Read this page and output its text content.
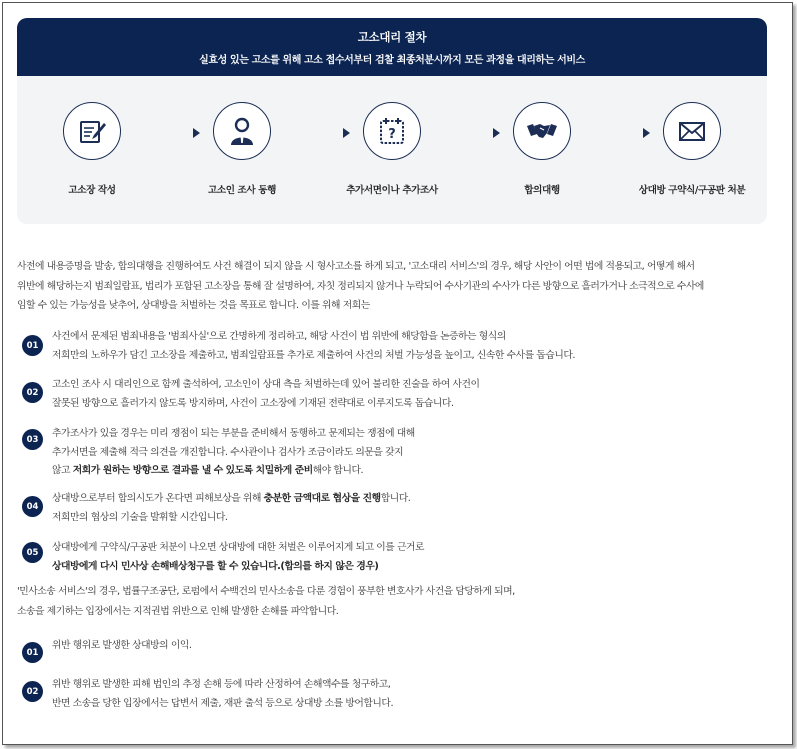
고소대리 절차
실효성 있는 고소를 위해 고소 접수서부터 검찰 최종처분시까지 모든 과정을 대리하는 서비스
고소장 작성	고소인 조사 동행
?
추가서면이나 추가조사	합의대행	상대방 구약식/구공판 처분
사전에 내용증명을 발송, 합의대행을 진행하여도 사건 해결이 되지 않을 시 형사고소를 하게 되고, '고소대리 서비스'의 경우, 해당 사안이 어떤 법에 적용되고, 어떻게 해서
위반에 해당하는지 범죄일람표, 법리가 포함된 고소장을 통해 잘 설명하여, 자칫 정리되지 않거나 누락되어 수사기관의 수사가 다른 방향으로 흘러가거나 소극적으로 수사에
임할 수 있는 가능성을 낮추어, 상대방을 처벌하는 것을 목표로 합니다. 이를 위해 저희는
01
사건에서 문제된 범죄내용을 '범죄사실'으로 간명하게 정리하고, 해당 사건이 법 위반에 해당함을 논증하는 형식의
저희만의 노하우가 담긴 고소장을 제출하고, 범죄일람표를 추가로 제출하여 사건의 처벌 가능성을 높이고, 신속한 수사를 돕습니다.
02
고소인 조사 시 대리인으로 함께 출석하여, 고소인이 상대 측을 처벌하는데 있어 불리한 진술을 하여 사건이
잘못된 방향으로 흘러가지 않도록 방지하며, 사건이 고소장에 기재된 전략대로 이루지도록 돕습니다.
03
추가조사가 있을 경우는 미리 쟁점이 되는 부분을 준비해서 동행하고 문제되는 쟁점에 대해
추가서면을 제출해 적극 의견을 개진합니다. 수사관이나 검사가 조금이라도 의문을 갖지
않고 저희가 원하는 방향으로 결과를 낼 수 있도록 치밀하게 준비해야 합니다.
04
상대방으로부터 합의시도가 온다면 피해보상을 위해 충분한 금액대로 협상을 진행합니다.
저희만의 협상의 기술을 발휘할 시간입니다.
05	상대방에게 구약식/구공판 처분이 나오면 상대방에 대한 처벌은 이루어지게 되고 이를 근거로
상대방에게 다시 민사상 손해배상청구를 할 수 있습니다.(합의를 하지 않은 경우)
'민사소송 서비스'의 경우, 법률구조공단, 로펌에서 수백건의 민사소송을 다룬 경험이 풍부한 변호사가 사건을 담당하게 되며,
소송을 제기하는 입장에서는 지적권법 위반으로 인해 발생한 손해를 파악합니다.
01
위반 행위로 발생한 상대방의 이익.
02
위반 행위로 발생한 피해 법인의 추정 손해 등에 따라 산정하여 손해액수를 청구하고,
반면 소송을 당한 입장에서는 답변서 제출, 재판 출석 등으로 상대방 소를 방어합니다.
